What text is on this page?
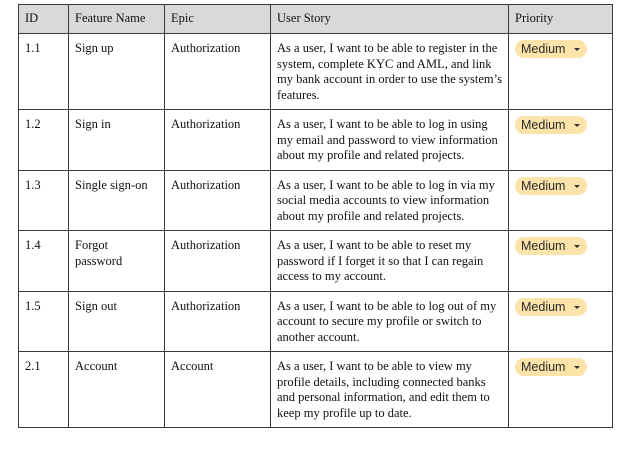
ID	Feature Name	Epic	User Story	Priority
1.1	Sign up	Authorization	As a user, I want to be able to register in the system, complete KYC and AML, and link my bank account in order to use the system’s features.	Medium

1.2	Sign in	Authorization	As a user, I want to be able to log in using my email and password to view information about my profile and related projects.	Medium

1.3	Single sign-on	Authorization	As a user, I want to be able to log in via my social media accounts to view information about my profile and related projects.	Medium

1.4	Forgot password	Authorization	As a user, I want to be able to reset my password if I forget it so that I can regain access to my account.	Medium

1.5	Sign out	Authorization	As a user, I want to be able to log out of my account to secure my profile or switch to another account.	Medium

2.1	Account	Account	As a user, I want to be able to view my profile details, including connected banks and personal information, and edit them to keep my profile up to date.	Medium
